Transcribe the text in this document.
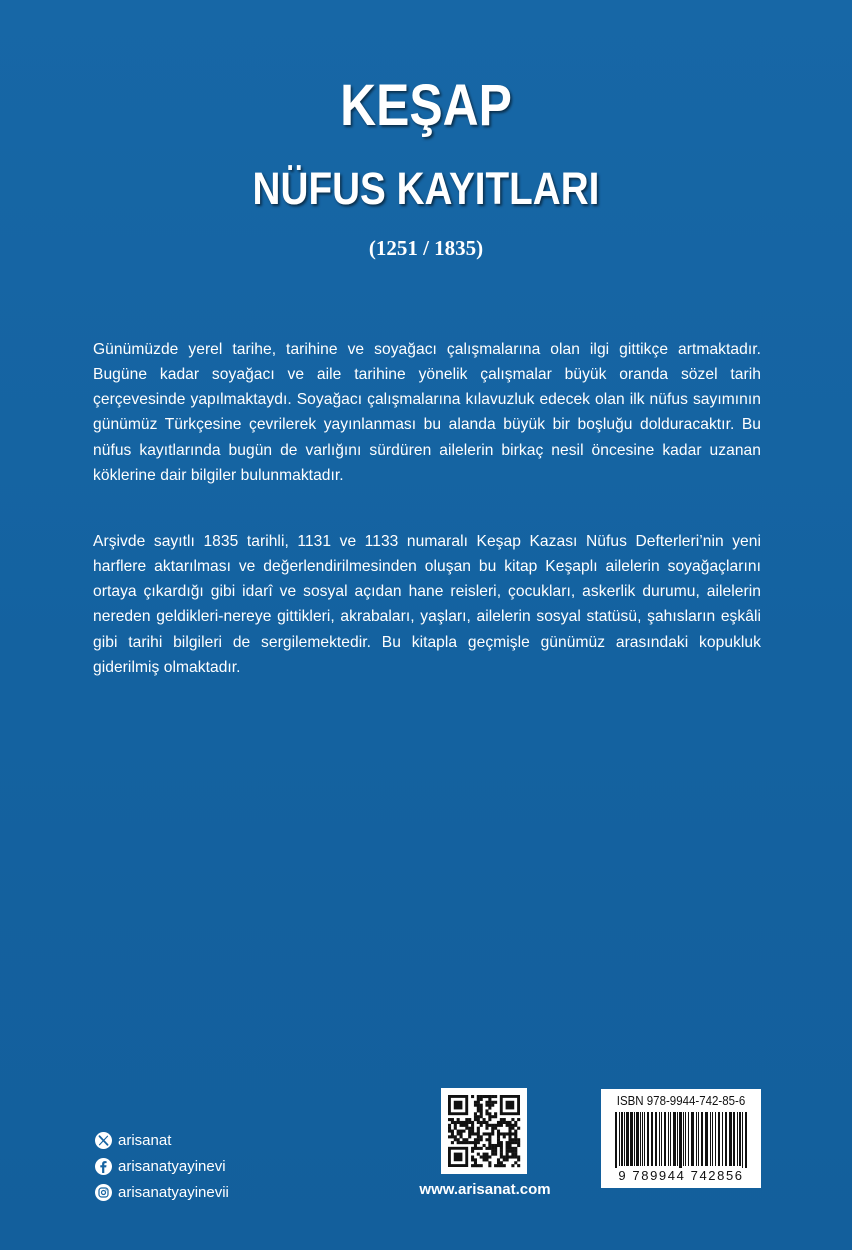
KEŞAP
NÜFUS KAYITLARI
(1251 / 1835)

Günümüzde yerel tarihe, tarihine ve soyağacı çalışmalarına olan ilgi gittikçe artmaktadır. Bugüne kadar soyağacı ve aile tarihine yönelik çalışmalar büyük oranda sözel tarih çerçevesinde yapılmaktaydı. Soyağacı çalışmalarına kılavuzluk edecek olan ilk nüfus sayımının günümüz Türkçesine çevrilerek yayınlanması bu alanda büyük bir boşluğu dolduracaktır. Bu nüfus kayıtlarında bugün de varlığını sürdüren ailelerin birkaç nesil öncesine kadar uzanan köklerine dair bilgiler bulunmaktadır.

Arşivde sayıtlı 1835 tarihli, 1131 ve 1133 numaralı Keşap Kazası Nüfus Defterleri’nin yeni harflere aktarılması ve değerlendirilmesinden oluşan bu kitap Keşaplı ailelerin soyağaçlarını ortaya çıkardığı gibi idarî ve sosyal açıdan hane reisleri, çocukları, askerlik durumu, ailelerin nereden geldikleri-nereye gittikleri, akrabaları, yaşları, ailelerin sosyal statüsü, şahısların eşkâli gibi tarihi bilgileri de sergilemektedir. Bu kitapla geçmişle günümüz arasındaki kopukluk giderilmiş olmaktadır.

arisanat
arisanatyayinevi
arisanatyayinevii	www.arisanat.com
ISBN 978-9944-742-85-6
9 789944 742856
